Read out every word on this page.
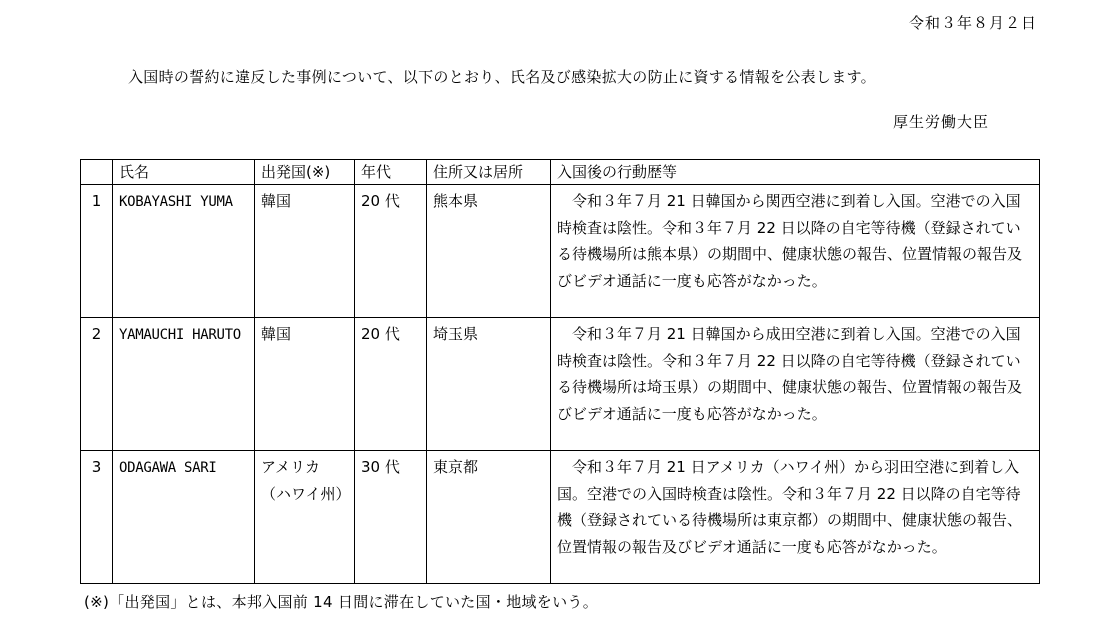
令和３年８月２日
入国時の誓約に違反した事例について、以下のとおり、氏名及び感染拡大の防止に資する情報を公表します。
厚生労働大臣
	氏名	出発国(※)	年代	住所又は居所	入国後の行動歴等
1	KOBAYASHI YUMA	韓国	20 代	熊本県	　令和３年７月 21 日韓国から関西空港に到着し入国。空港での入国時検査は陰性。令和３年７月 22 日以降の自宅等待機（登録されている待機場所は熊本県）の期間中、健康状態の報告、位置情報の報告及びビデオ通話に一度も応答がなかった。
2	YAMAUCHI HARUTO	韓国	20 代	埼玉県	　令和３年７月 21 日韓国から成田空港に到着し入国。空港での入国時検査は陰性。令和３年７月 22 日以降の自宅等待機（登録されている待機場所は埼玉県）の期間中、健康状態の報告、位置情報の報告及びビデオ通話に一度も応答がなかった。
3	ODAGAWA SARI	アメリカ（ハワイ州）	30 代	東京都	　令和３年７月 21 日アメリカ（ハワイ州）から羽田空港に到着し入国。空港での入国時検査は陰性。令和３年７月 22 日以降の自宅等待機（登録されている待機場所は東京都）の期間中、健康状態の報告、位置情報の報告及びビデオ通話に一度も応答がなかった。
(※)「出発国」とは、本邦入国前 14 日間に滞在していた国・地域をいう。
